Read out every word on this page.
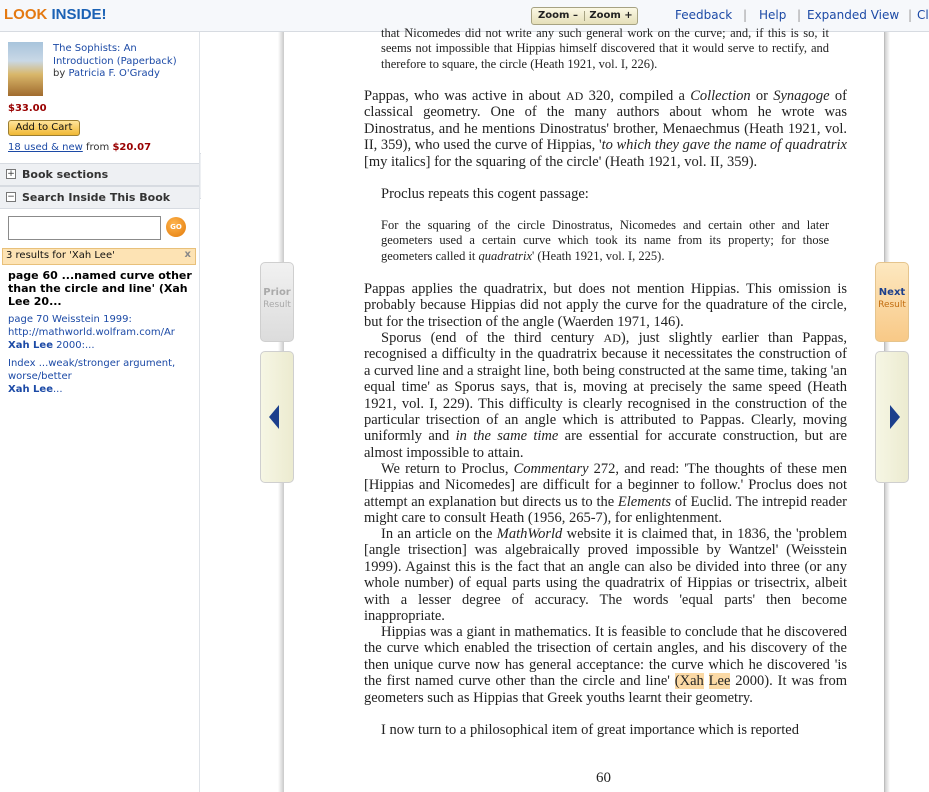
LOOK INSIDE!	Zoom –	Zoom +	Feedback | Help | Expanded View | Cl
The Sophists: An Introduction (Paperback)
by Patricia F. O'Grady
$33.00
Add to Cart
18 used & new from $20.07
+ Book sections
− Search Inside This Book
GO
3 results for 'Xah Lee'	x
page 60 ...named curve other than the circle and line' (Xah Lee 20...
page 70 Weisstein 1999:
http://mathworld.wolfram.com/Ar
Xah Lee 2000:...
Index ...weak/stronger argument, worse/better
Xah Lee...
that Nicomedes did not write any such general work on the curve; and, if this is so, it seems not impossible that Hippias himself discovered that it would serve to rectify, and therefore to square, the circle (Heath 1921, vol. I, 226).
Pappas, who was active in about AD 320, compiled a Collection or Synagoge of classical geometry. One of the many authors about whom he wrote was Dinostratus, and he mentions Dinostratus' brother, Menaechmus (Heath 1921, vol. II, 359), who used the curve of Hippias, 'to which they gave the name of quadratrix [my italics] for the squaring of the circle' (Heath 1921, vol. II, 359).
Proclus repeats this cogent passage:
For the squaring of the circle Dinostratus, Nicomedes and certain other and later geometers used a certain curve which took its name from its property; for those geometers called it quadratrix' (Heath 1921, vol. I, 225).
Pappas applies the quadratrix, but does not mention Hippias. This omission is probably because Hippias did not apply the curve for the quadrature of the circle, but for the trisection of the angle (Waerden 1971, 146).
Sporus (end of the third century AD), just slightly earlier than Pappas, recognised a difficulty in the quadratrix because it necessitates the construction of a curved line and a straight line, both being constructed at the same time, taking 'an equal time' as Sporus says, that is, moving at precisely the same speed (Heath 1921, vol. I, 229). This difficulty is clearly recognised in the construction of the particular trisection of an angle which is attributed to Pappas. Clearly, moving uniformly and in the same time are essential for accurate construction, but are almost impossible to attain.
We return to Proclus, Commentary 272, and read: 'The thoughts of these men [Hippias and Nicomedes] are difficult for a beginner to follow.' Proclus does not attempt an explanation but directs us to the Elements of Euclid. The intrepid reader might care to consult Heath (1956, 265-7), for enlightenment.
In an article on the MathWorld website it is claimed that, in 1836, the 'problem [angle trisection] was algebraically proved impossible by Wantzel' (Weisstein 1999). Against this is the fact that an angle can also be divided into three (or any whole number) of equal parts using the quadratrix of Hippias or trisectrix, albeit with a lesser degree of accuracy. The words 'equal parts' then become inappropriate.
Hippias was a giant in mathematics. It is feasible to conclude that he discovered the curve which enabled the trisection of certain angles, and his discovery of the then unique curve now has general acceptance: the curve which he discovered 'is the first named curve other than the circle and line' (Xah Lee 2000). It was from geometers such as Hippias that Greek youths learnt their geometry.
I now turn to a philosophical item of great importance which is reported
60
Prior
Result
Next
Result
